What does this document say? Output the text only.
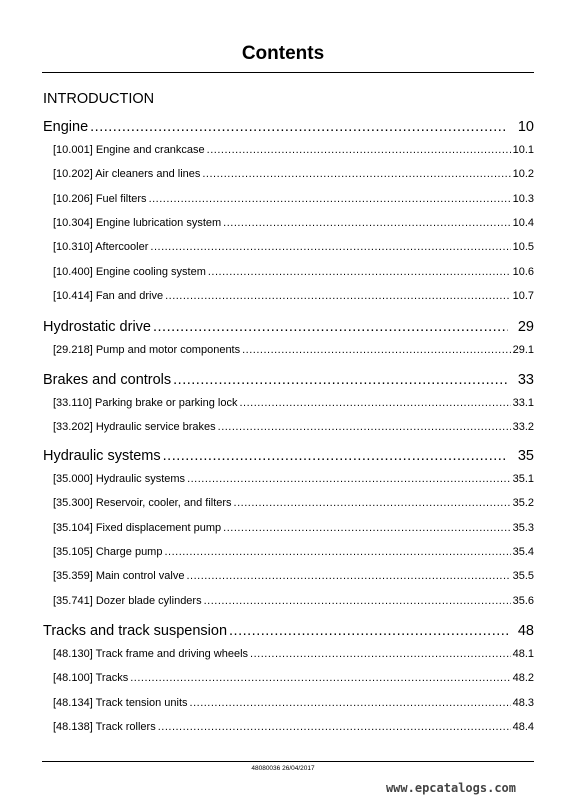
Contents
INTRODUCTION
Engine .....	10
[10.001] Engine and crankcase .....	10.1
[10.202] Air cleaners and lines .....	10.2
[10.206] Fuel filters .....	10.3
[10.304] Engine lubrication system .....	10.4
[10.310] Aftercooler .....	10.5
[10.400] Engine cooling system .....	10.6
[10.414] Fan and drive .....	10.7
Hydrostatic drive .....	29
[29.218] Pump and motor components .....	29.1
Brakes and controls .....	33
[33.110] Parking brake or parking lock .....	33.1
[33.202] Hydraulic service brakes .....	33.2
Hydraulic systems .....	35
[35.000] Hydraulic systems .....	35.1
[35.300] Reservoir, cooler, and filters .....	35.2
[35.104] Fixed displacement pump .....	35.3
[35.105] Charge pump .....	35.4
[35.359] Main control valve .....	35.5
[35.741] Dozer blade cylinders .....	35.6
Tracks and track suspension .....	48
[48.130] Track frame and driving wheels .....	48.1
[48.100] Tracks .....	48.2
[48.134] Track tension units .....	48.3
[48.138] Track rollers .....	48.4
48080036 26/04/2017
www.epcatalogs.com
